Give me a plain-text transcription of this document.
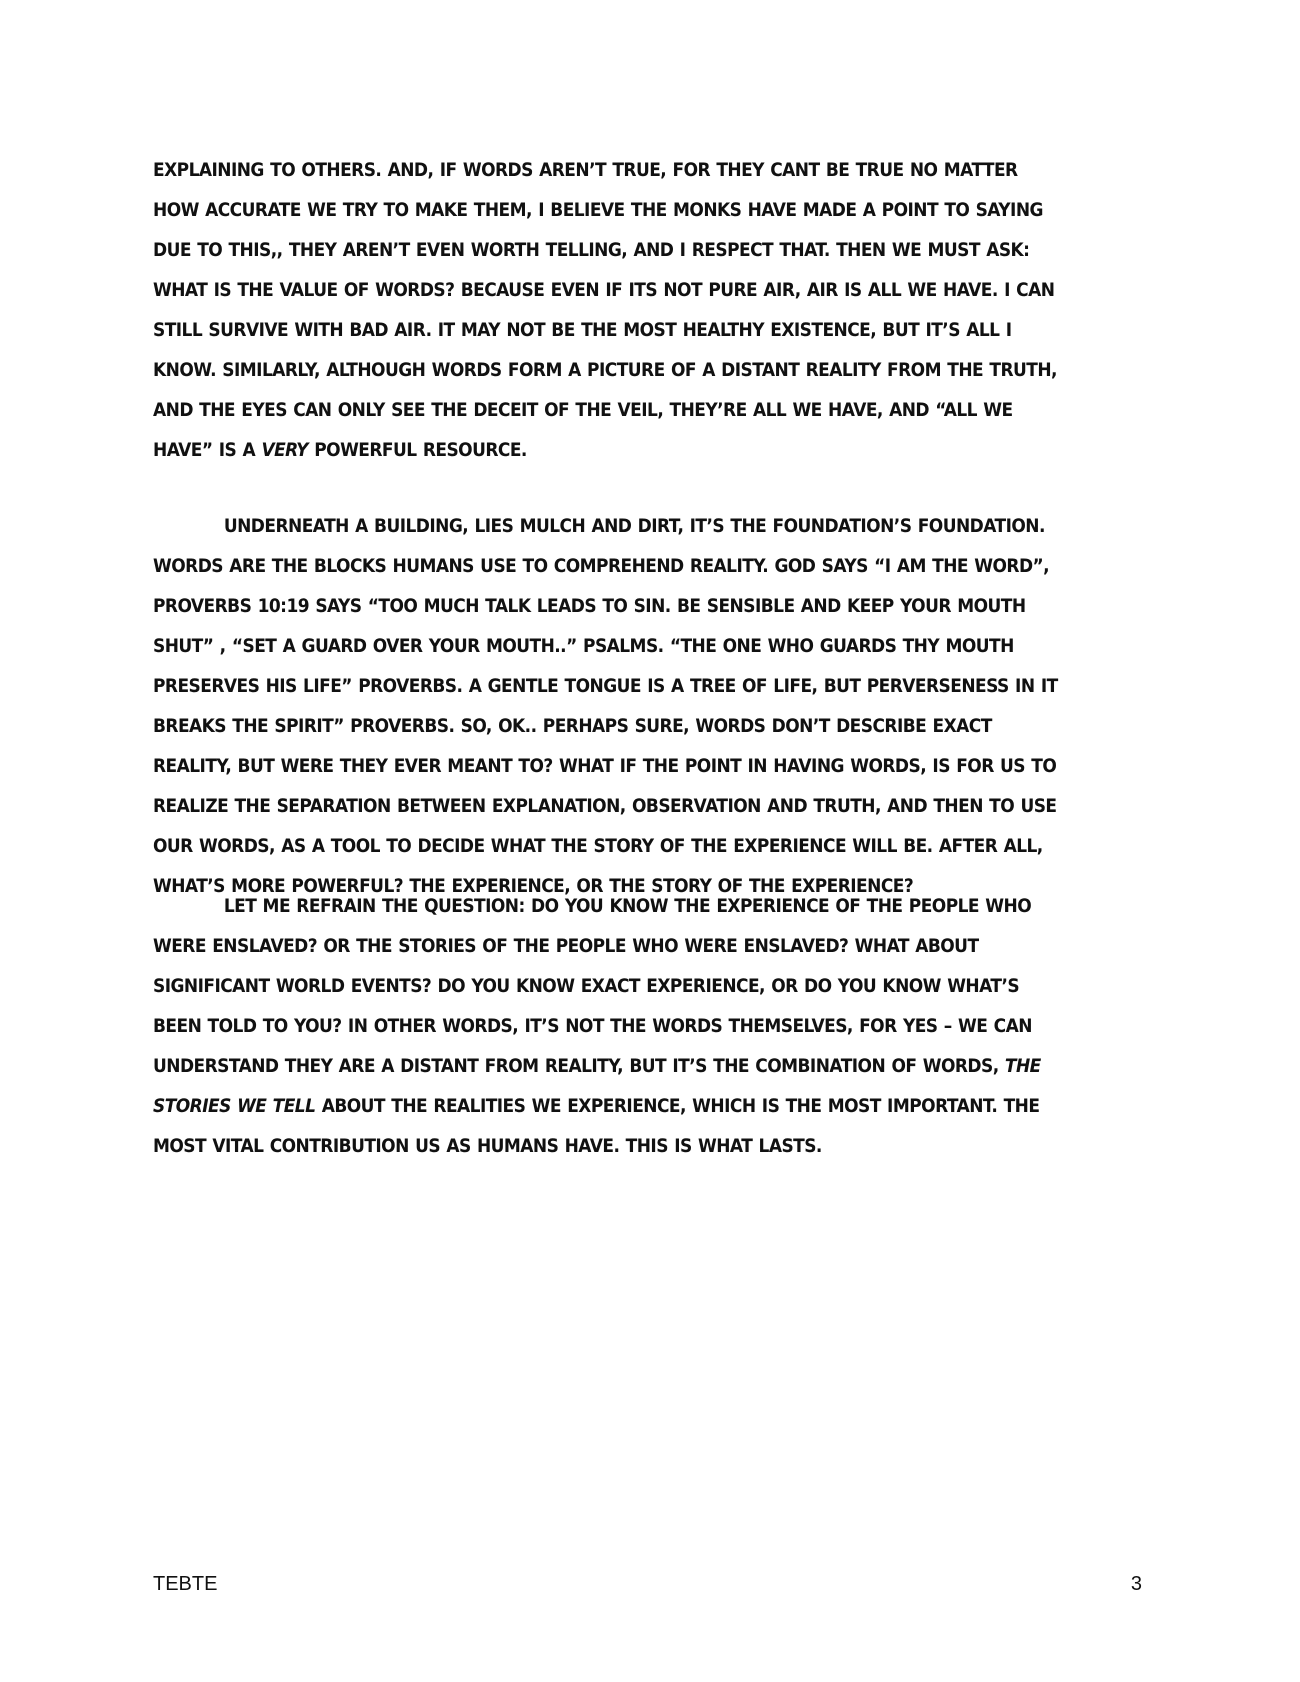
EXPLAINING TO OTHERS. AND, IF WORDS AREN’T TRUE, FOR THEY CANT BE TRUE NO MATTER HOW ACCURATE WE TRY TO MAKE THEM, I BELIEVE THE MONKS HAVE MADE A POINT TO SAYING DUE TO THIS,, THEY AREN’T EVEN WORTH TELLING, AND I RESPECT THAT. THEN WE MUST ASK: WHAT IS THE VALUE OF WORDS? BECAUSE EVEN IF ITS NOT PURE AIR, AIR IS ALL WE HAVE. I CAN STILL SURVIVE WITH BAD AIR. IT MAY NOT BE THE MOST HEALTHY EXISTENCE, BUT IT’S ALL I KNOW. SIMILARLY, ALTHOUGH WORDS FORM A PICTURE OF A DISTANT REALITY FROM THE TRUTH, AND THE EYES CAN ONLY SEE THE DECEIT OF THE VEIL, THEY’RE ALL WE HAVE, AND “ALL WE HAVE” IS A VERY POWERFUL RESOURCE.

UNDERNEATH A BUILDING, LIES MULCH AND DIRT, IT’S THE FOUNDATION’S FOUNDATION. WORDS ARE THE BLOCKS HUMANS USE TO COMPREHEND REALITY. GOD SAYS “I AM THE WORD”, PROVERBS 10:19 SAYS “TOO MUCH TALK LEADS TO SIN. BE SENSIBLE AND KEEP YOUR MOUTH SHUT” , “SET A GUARD OVER YOUR MOUTH..” PSALMS. “THE ONE WHO GUARDS THY MOUTH PRESERVES HIS LIFE” PROVERBS. A GENTLE TONGUE IS A TREE OF LIFE, BUT PERVERSENESS IN IT BREAKS THE SPIRIT” PROVERBS. SO, OK.. PERHAPS SURE, WORDS DON’T DESCRIBE EXACT REALITY, BUT WERE THEY EVER MEANT TO? WHAT IF THE POINT IN HAVING WORDS, IS FOR US TO REALIZE THE SEPARATION BETWEEN EXPLANATION, OBSERVATION AND TRUTH, AND THEN TO USE OUR WORDS, AS A TOOL TO DECIDE WHAT THE STORY OF THE EXPERIENCE WILL BE. AFTER ALL, WHAT’S MORE POWERFUL? THE EXPERIENCE, OR THE STORY OF THE EXPERIENCE?

LET ME REFRAIN THE QUESTION: DO YOU KNOW THE EXPERIENCE OF THE PEOPLE WHO WERE ENSLAVED? OR THE STORIES OF THE PEOPLE WHO WERE ENSLAVED? WHAT ABOUT SIGNIFICANT WORLD EVENTS? DO YOU KNOW EXACT EXPERIENCE, OR DO YOU KNOW WHAT’S BEEN TOLD TO YOU? IN OTHER WORDS, IT’S NOT THE WORDS THEMSELVES, FOR YES – WE CAN UNDERSTAND THEY ARE A DISTANT FROM REALITY, BUT IT’S THE COMBINATION OF WORDS, THE STORIES WE TELL ABOUT THE REALITIES WE EXPERIENCE, WHICH IS THE MOST IMPORTANT. THE MOST VITAL CONTRIBUTION US AS HUMANS HAVE. THIS IS WHAT LASTS.

TEBTE	3
